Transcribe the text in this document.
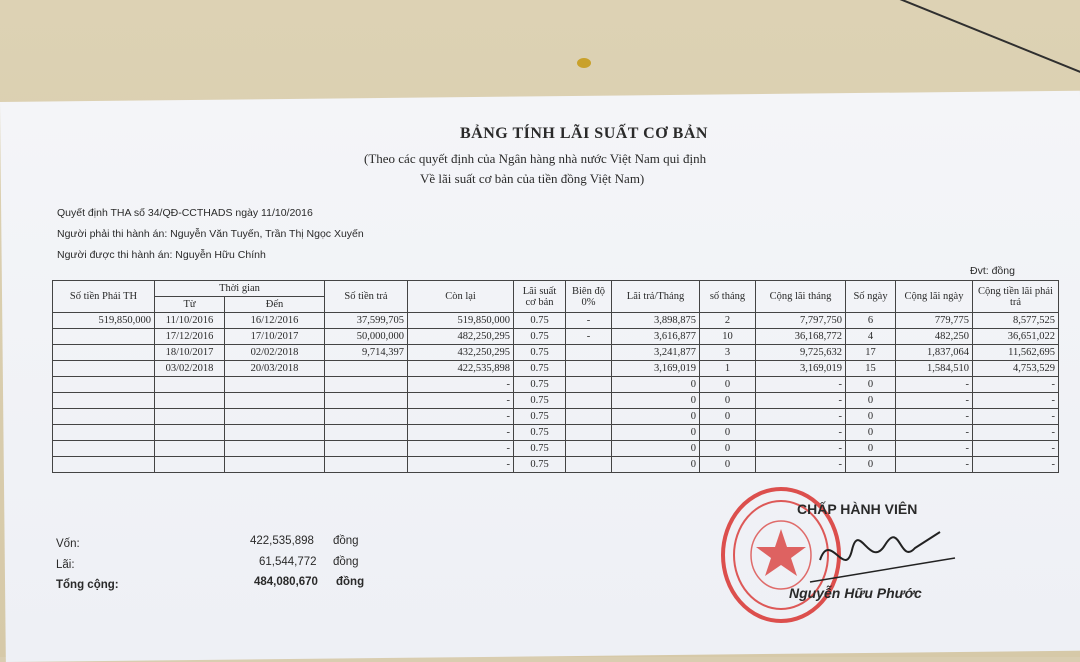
BẢNG TÍNH LÃI SUẤT CƠ BẢN
(Theo các quyết định của Ngân hàng nhà nước Việt Nam qui định
Về lãi suất cơ bản của tiền đồng Việt Nam)
Quyết định THA số 34/QĐ-CCTHADS ngày 11/10/2016
Người phải thi hành án: Nguyễn Văn Tuyến, Trần Thị Ngọc Xuyến
Người được thi hành án: Nguyễn Hữu Chính
Đvt: đồng
Số tiền Phải TH	Thời gian		Số tiền trả	Còn lại	Lãi suất cơ bản	Biên độ 0%	Lãi trả/Tháng	số tháng	Cộng lãi tháng	Số ngày	Cộng lãi ngày	Cộng tiền lãi phải trả
	Từ	Đến										
519,850,000	11/10/2016	16/12/2016	37,599,705	519,850,000	0.75	-	3,898,875	2	7,797,750	6	779,775	8,577,525
	17/12/2016	17/10/2017	50,000,000	482,250,295	0.75	-	3,616,877	10	36,168,772	4	482,250	36,651,022
	18/10/2017	02/02/2018	9,714,397	432,250,295	0.75		3,241,877	3	9,725,632	17	1,837,064	11,562,695
	03/02/2018	20/03/2018		422,535,898	0.75		3,169,019	1	3,169,019	15	1,584,510	4,753,529
				-	0.75		0	0	-	0	-	-
				-	0.75		0	0	-	0	-	-
				-	0.75		0	0	-	0	-	-
				-	0.75		0	0	-	0	-	-
				-	0.75		0	0	-	0	-	-
				-	0.75		0	0	-	0	-	-
Vốn:	422,535,898 đồng
Lãi:	61,544,772 đồng
Tổng cộng:	484,080,670 đồng
CHẤP HÀNH VIÊN
Nguyễn Hữu Phước
